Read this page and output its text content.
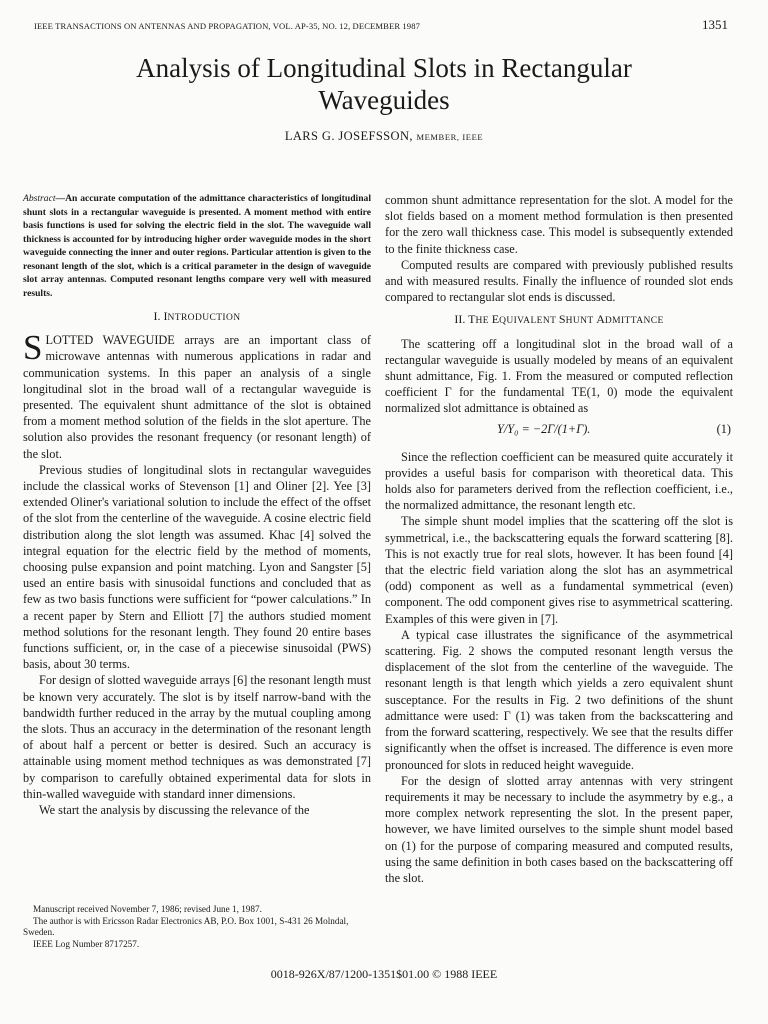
IEEE TRANSACTIONS ON ANTENNAS AND PROPAGATION, VOL. AP-35, NO. 12, DECEMBER 1987	1351
Analysis of Longitudinal Slots in Rectangular
Waveguides
LARS G. JOSEFSSON, MEMBER, IEEE
Abstract—An accurate computation of the admittance characteristics of longitudinal shunt slots in a rectangular waveguide is presented. A moment method with entire basis functions is used for solving the electric field in the slot. The waveguide wall thickness is accounted for by introducing higher order waveguide modes in the short waveguide connecting the inner and outer regions. Particular attention is given to the resonant length of the slot, which is a critical parameter in the design of waveguide slot array antennas. Computed resonant lengths compare very well with measured results.
I. INTRODUCTION

SLOTTED WAVEGUIDE arrays are an important class of microwave antennas with numerous applications in radar and communication systems. In this paper an analysis of a single longitudinal slot in the broad wall of a rectangular waveguide is presented. The equivalent shunt admittance of the slot is obtained from a moment method solution of the fields in the slot aperture. The solution also provides the resonant frequency (or resonant length) of the slot.

Previous studies of longitudinal slots in rectangular waveguides include the classical works of Stevenson [1] and Oliner [2]. Yee [3] extended Oliner's variational solution to include the effect of the offset of the slot from the centerline of the waveguide. A cosine electric field distribution along the slot length was assumed. Khac [4] solved the integral equation for the electric field by the method of moments, choosing pulse expansion and point matching. Lyon and Sangster [5] used an entire basis with sinusoidal functions and concluded that as few as two basis functions were sufficient for “power calculations.” In a recent paper by Stern and Elliott [7] the authors studied moment method solutions for the resonant length. They found 20 entire bases functions sufficient, or, in the case of a piecewise sinusoidal (PWS) basis, about 30 terms.

For design of slotted waveguide arrays [6] the resonant length must be known very accurately. The slot is by itself narrow-band with the bandwidth further reduced in the array by the mutual coupling among the slots. Thus an accuracy in the determination of the resonant length of about half a percent or better is desired. Such an accuracy is attainable using moment method techniques as was demonstrated [7] by comparison to carefully obtained experimental data for slots in thin-walled waveguide with standard inner dimensions.

We start the analysis by discussing the relevance of the

Manuscript received November 7, 1986; revised June 1, 1987.

The author is with Ericsson Radar Electronics AB, P.O. Box 1001, S-431 26 Molndal, Sweden.

IEEE Log Number 8717257.

common shunt admittance representation for the slot. A model for the slot fields based on a moment method formulation is then presented for the zero wall thickness case. This model is subsequently extended to the finite thickness case.

Computed results are compared with previously published results and with measured results. Finally the influence of rounded slot ends compared to rectangular slot ends is discussed.

II. THE EQUIVALENT SHUNT ADMITTANCE

The scattering off a longitudinal slot in the broad wall of a rectangular waveguide is usually modeled by means of an equivalent shunt admittance, Fig. 1. From the measured or computed reflection coefficient Γ for the fundamental TE(1, 0) mode the equivalent normalized slot admittance is obtained as

Y/Y₀ = −2Γ/(1+Γ).	(1)

Since the reflection coefficient can be measured quite accurately it provides a useful basis for comparison with theoretical data. This holds also for parameters derived from the reflection coefficient, i.e., the normalized admittance, the resonant length etc.

The simple shunt model implies that the scattering off the slot is symmetrical, i.e., the backscattering equals the forward scattering [8]. This is not exactly true for real slots, however. It has been found [4] that the electric field variation along the slot has an asymmetrical (odd) component as well as a fundamental symmetrical (even) component. The odd component gives rise to asymmetrical scattering. Examples of this were given in [7].

A typical case illustrates the significance of the asymmetrical scattering. Fig. 2 shows the computed resonant length versus the displacement of the slot from the centerline of the waveguide. The resonant length is that length which yields a zero equivalent shunt susceptance. For the results in Fig. 2 two definitions of the shunt admittance were used: Γ (1) was taken from the backscattering and from the forward scattering, respectively. We see that the results differ significantly when the offset is increased. The difference is even more pronounced for slots in reduced height waveguide.

For the design of slotted array antennas with very stringent requirements it may be necessary to include the asymmetry by e.g., a more complex network representing the slot. In the present paper, however, we have limited ourselves to the simple shunt model based on (1) for the purpose of comparing measured and computed results, using the same definition in both cases based on the backscattering off the slot.

0018-926X/87/1200-1351$01.00 © 1988 IEEE
